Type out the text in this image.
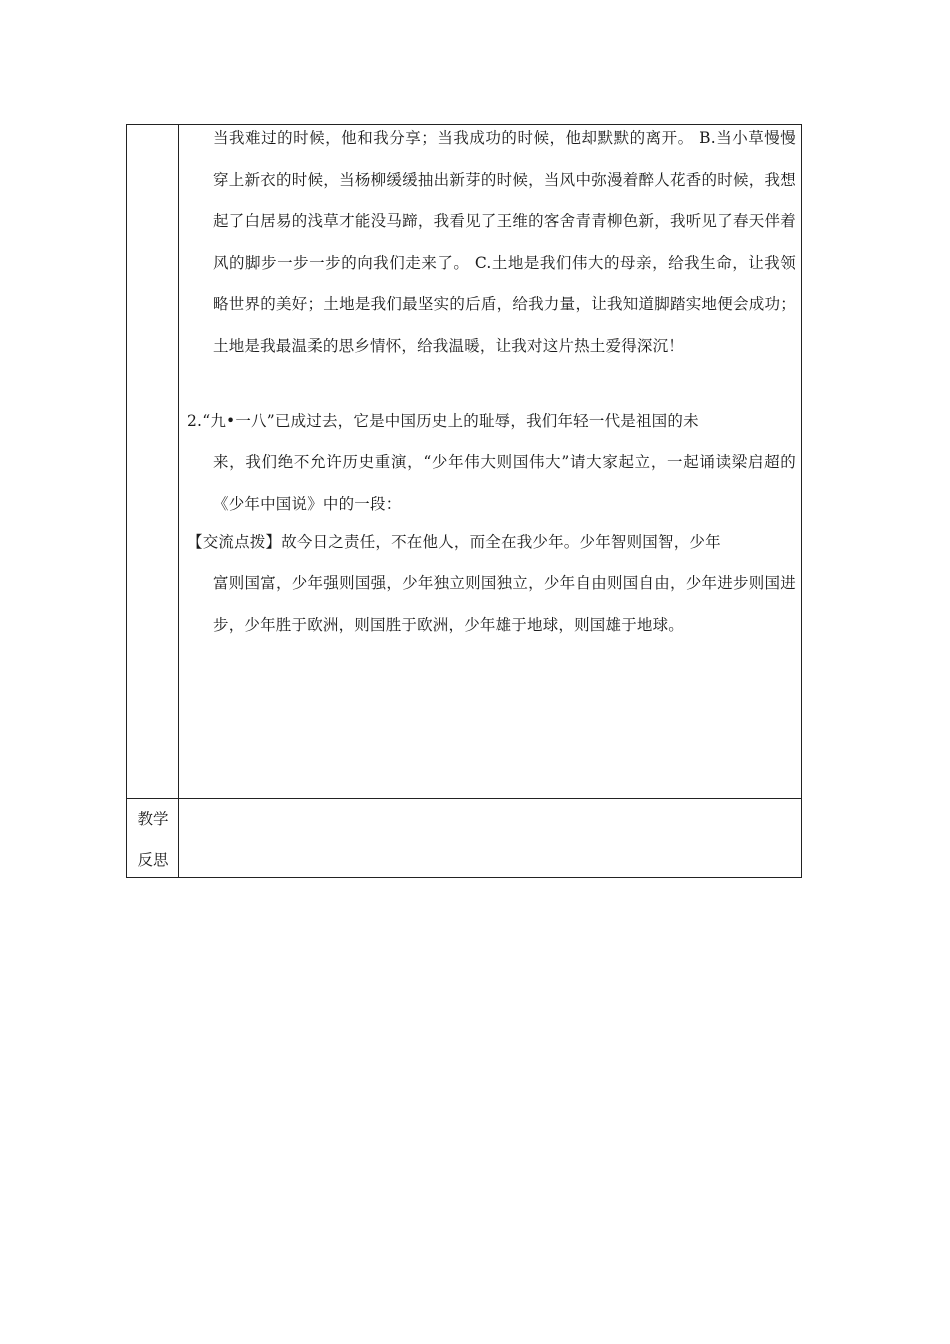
当我难过的时候，他和我分享；当我成功的时候，他却默默的离开。 B.当小草慢慢穿上新衣的时候，当杨柳缓缓抽出新芽的时候，当风中弥漫着醉人花香的时候，我想起了白居易的浅草才能没马蹄，我看见了王维的客舍青青柳色新，我听见了春天伴着风的脚步一步一步的向我们走来了。 C.土地是我们伟大的母亲，给我生命，让我领略世界的美好；土地是我们最坚实的后盾，给我力量，让我知道脚踏实地便会成功；土地是我最温柔的思乡情怀，给我温暖，让我对这片热土爱得深沉！
2.“九•一八”已成过去，它是中国历史上的耻辱，我们年轻一代是祖国的未
来，我们绝不允许历史重演，“少年伟大则国伟大”请大家起立，一起诵读梁启超的《少年中国说》中的一段：
【交流点拨】故今日之责任，不在他人，而全在我少年。少年智则国智，少年
富则国富，少年强则国强，少年独立则国独立，少年自由则国自由，少年进步则国进步，少年胜于欧洲，则国胜于欧洲，少年雄于地球，则国雄于地球。
教学
反思
